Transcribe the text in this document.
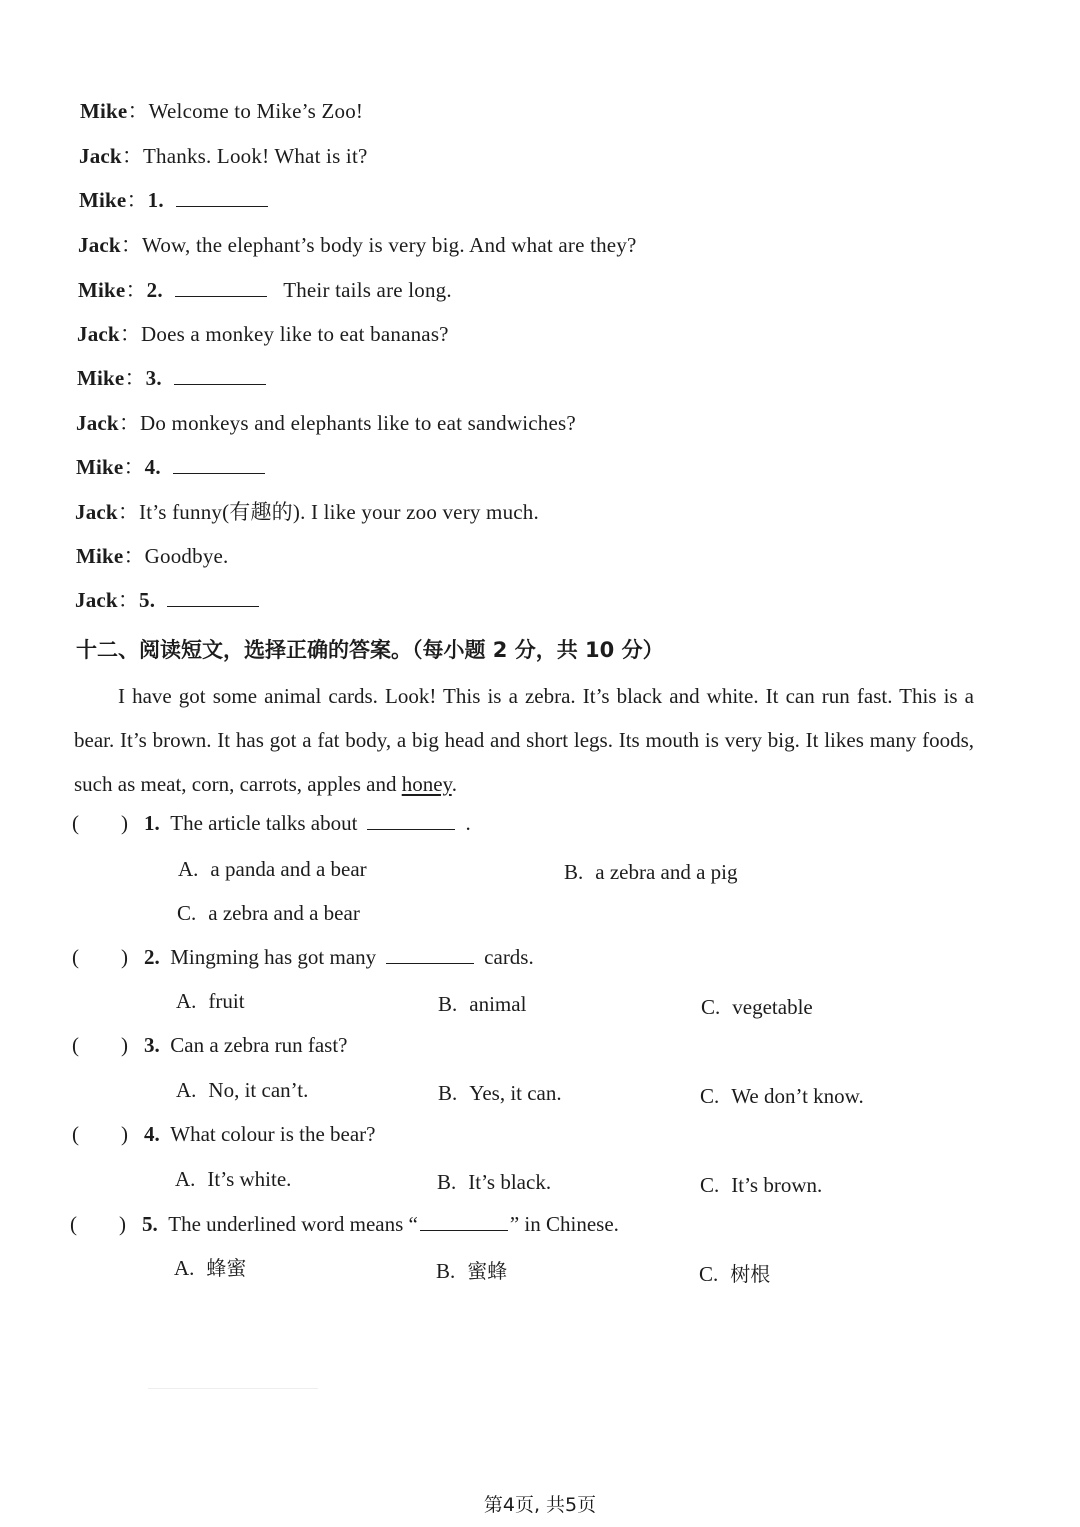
Mike：Welcome to Mike’s Zoo!
Jack：Thanks. Look! What is it?
Mike：1.
Jack：Wow, the elephant’s body is very big. And what are they?
Mike：2.	Their tails are long.
Jack：Does a monkey like to eat bananas?
Mike：3.
Jack：Do monkeys and elephants like to eat sandwiches?
Mike：4.
Jack：It’s funny(有趣的). I like your zoo very much.
Mike：Goodbye.
Jack：5.
十二、阅读短文，选择正确的答案。（每小题 2 分，共 10 分）
I have got some animal cards. Look! This is a zebra. It’s black and white. It can run fast. This is a bear. It’s brown. It has got a fat body, a big head and short legs. Its mouth is very big. It likes many foods, such as meat, corn, carrots, apples and honey.
(　　) 1. The article talks about	.
A. a panda and a bear	B. a zebra and a pig
C. a zebra and a bear
(　　) 2. Mingming has got many	cards.
A. fruit	B. animal	C. vegetable
(　　) 3. Can a zebra run fast?
A. No, it can’t.	B. Yes, it can.	C. We don’t know.
(　　) 4. What colour is the bear?
A. It’s white.	B. It’s black.	C. It’s brown.
(　　) 5. The underlined word means “	” in Chinese.
A. 蜂蜜	B. 蜜蜂	C. 树根
第4页, 共5页
